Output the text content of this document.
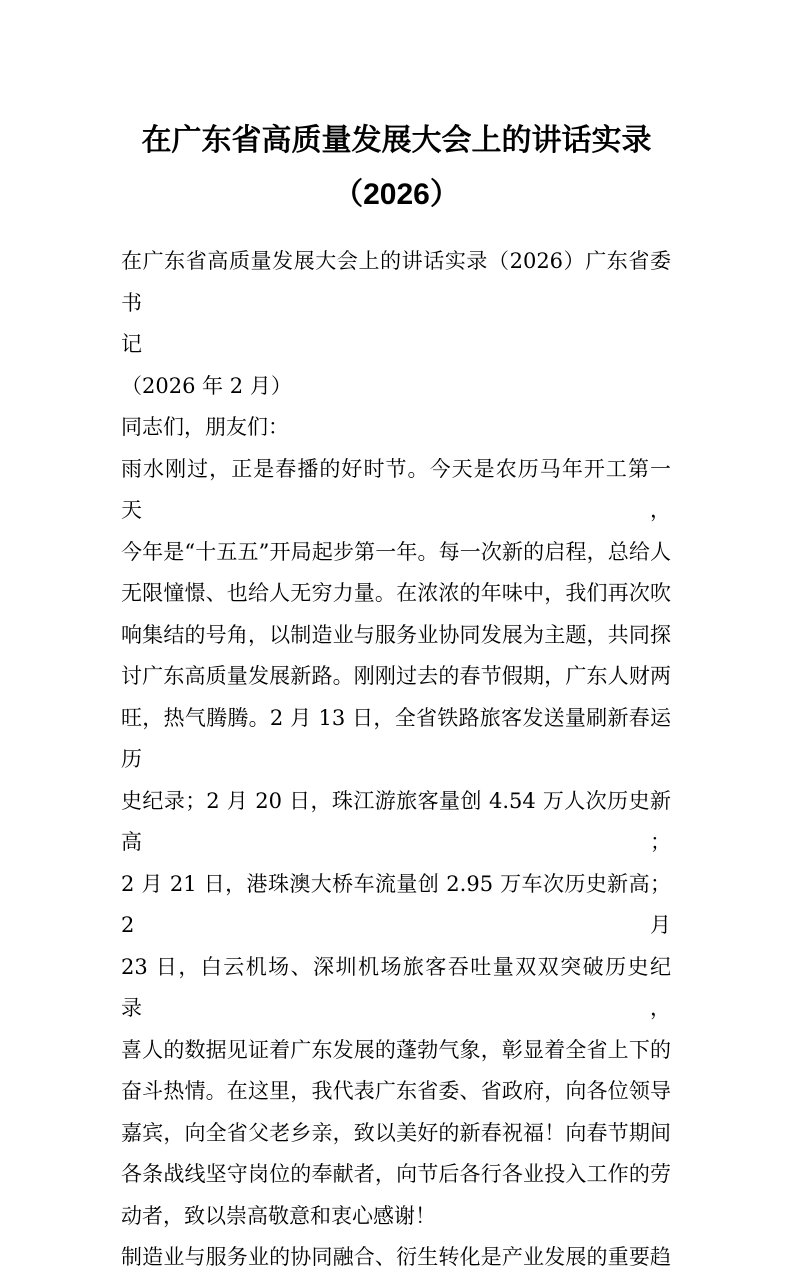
在广东省高质量发展大会上的讲话实录
（2026）
在广东省高质量发展大会上的讲话实录（2026）广东省委书
记
（2026 年 2 月）
同志们，朋友们：
雨水刚过，正是春播的好时节。今天是农历马年开工第一天，
今年是“十五五”开局起步第一年。每一次新的启程，总给人
无限憧憬、也给人无穷力量。在浓浓的年味中，我们再次吹
响集结的号角，以制造业与服务业协同发展为主题，共同探
讨广东高质量发展新路。刚刚过去的春节假期，广东人财两
旺，热气腾腾。2 月 13 日，全省铁路旅客发送量刷新春运历
史纪录；2 月 20 日，珠江游旅客量创 4.54 万人次历史新高；
2 月 21 日，港珠澳大桥车流量创 2.95 万车次历史新高；2 月
23 日，白云机场、深圳机场旅客吞吐量双双突破历史纪录，
喜人的数据见证着广东发展的蓬勃气象，彰显着全省上下的
奋斗热情。在这里，我代表广东省委、省政府，向各位领导
嘉宾，向全省父老乡亲，致以美好的新春祝福！向春节期间
各条战线坚守岗位的奉献者，向节后各行各业投入工作的劳
动者，致以崇高敬意和衷心感谢！
制造业与服务业的协同融合、衍生转化是产业发展的重要趋
